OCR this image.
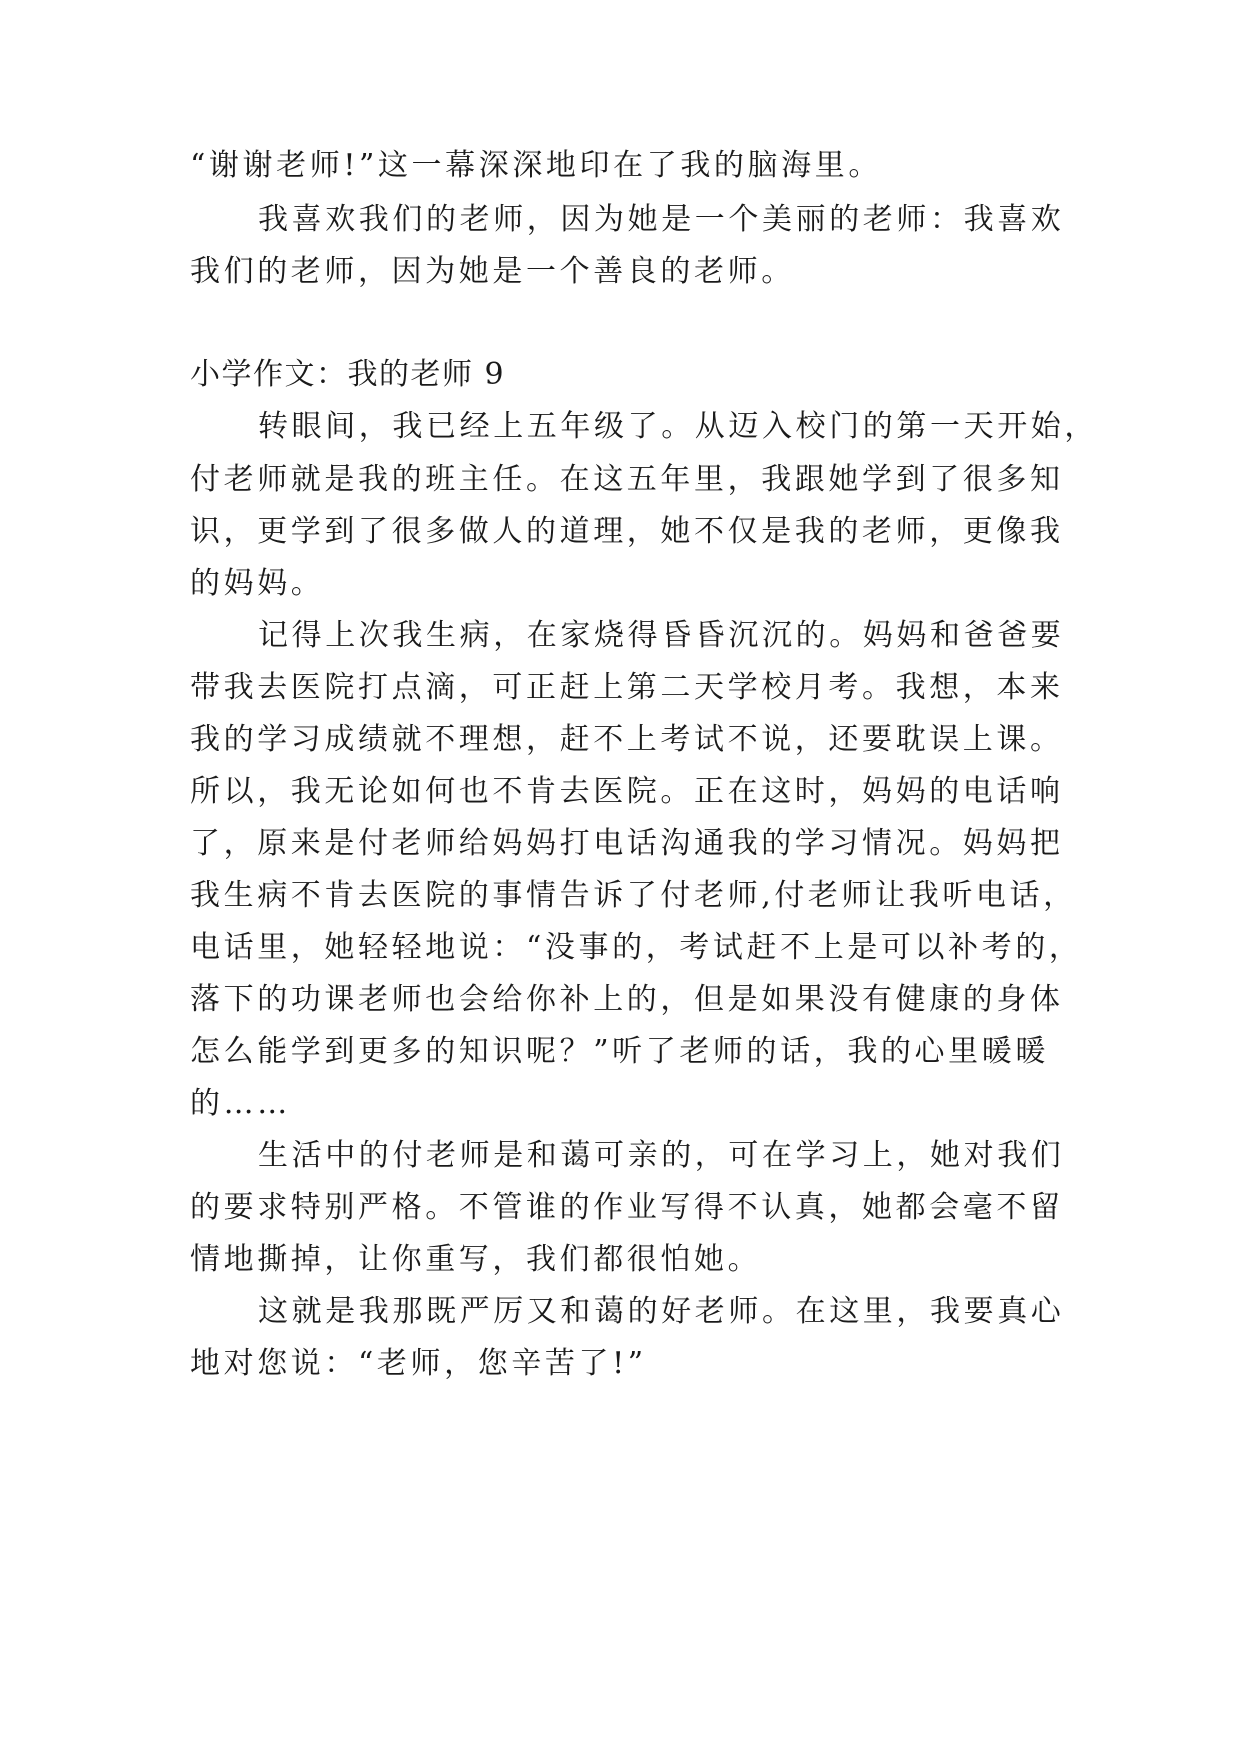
“谢谢老师!”这一幕深深地印在了我的脑海里。
我喜欢我们的老师，因为她是一个美丽的老师：我喜欢
我们的老师，因为她是一个善良的老师。
小学作文：我的老师 9
转眼间，我已经上五年级了。从迈入校门的第一天开始，
付老师就是我的班主任。在这五年里，我跟她学到了很多知
识，更学到了很多做人的道理，她不仅是我的老师，更像我
的妈妈。
记得上次我生病，在家烧得昏昏沉沉的。妈妈和爸爸要
带我去医院打点滴，可正赶上第二天学校月考。我想，本来
我的学习成绩就不理想，赶不上考试不说，还要耽误上课。
所以，我无论如何也不肯去医院。正在这时，妈妈的电话响
了，原来是付老师给妈妈打电话沟通我的学习情况。妈妈把
我生病不肯去医院的事情告诉了付老师,付老师让我听电话，
电话里，她轻轻地说：“没事的，考试赶不上是可以补考的，
落下的功课老师也会给你补上的，但是如果没有健康的身体
怎么能学到更多的知识呢？”听了老师的话，我的心里暖暖
的……
生活中的付老师是和蔼可亲的，可在学习上，她对我们
的要求特别严格。不管谁的作业写得不认真，她都会毫不留
情地撕掉，让你重写，我们都很怕她。
这就是我那既严厉又和蔼的好老师。在这里，我要真心
地对您说：“老师，您辛苦了!”
